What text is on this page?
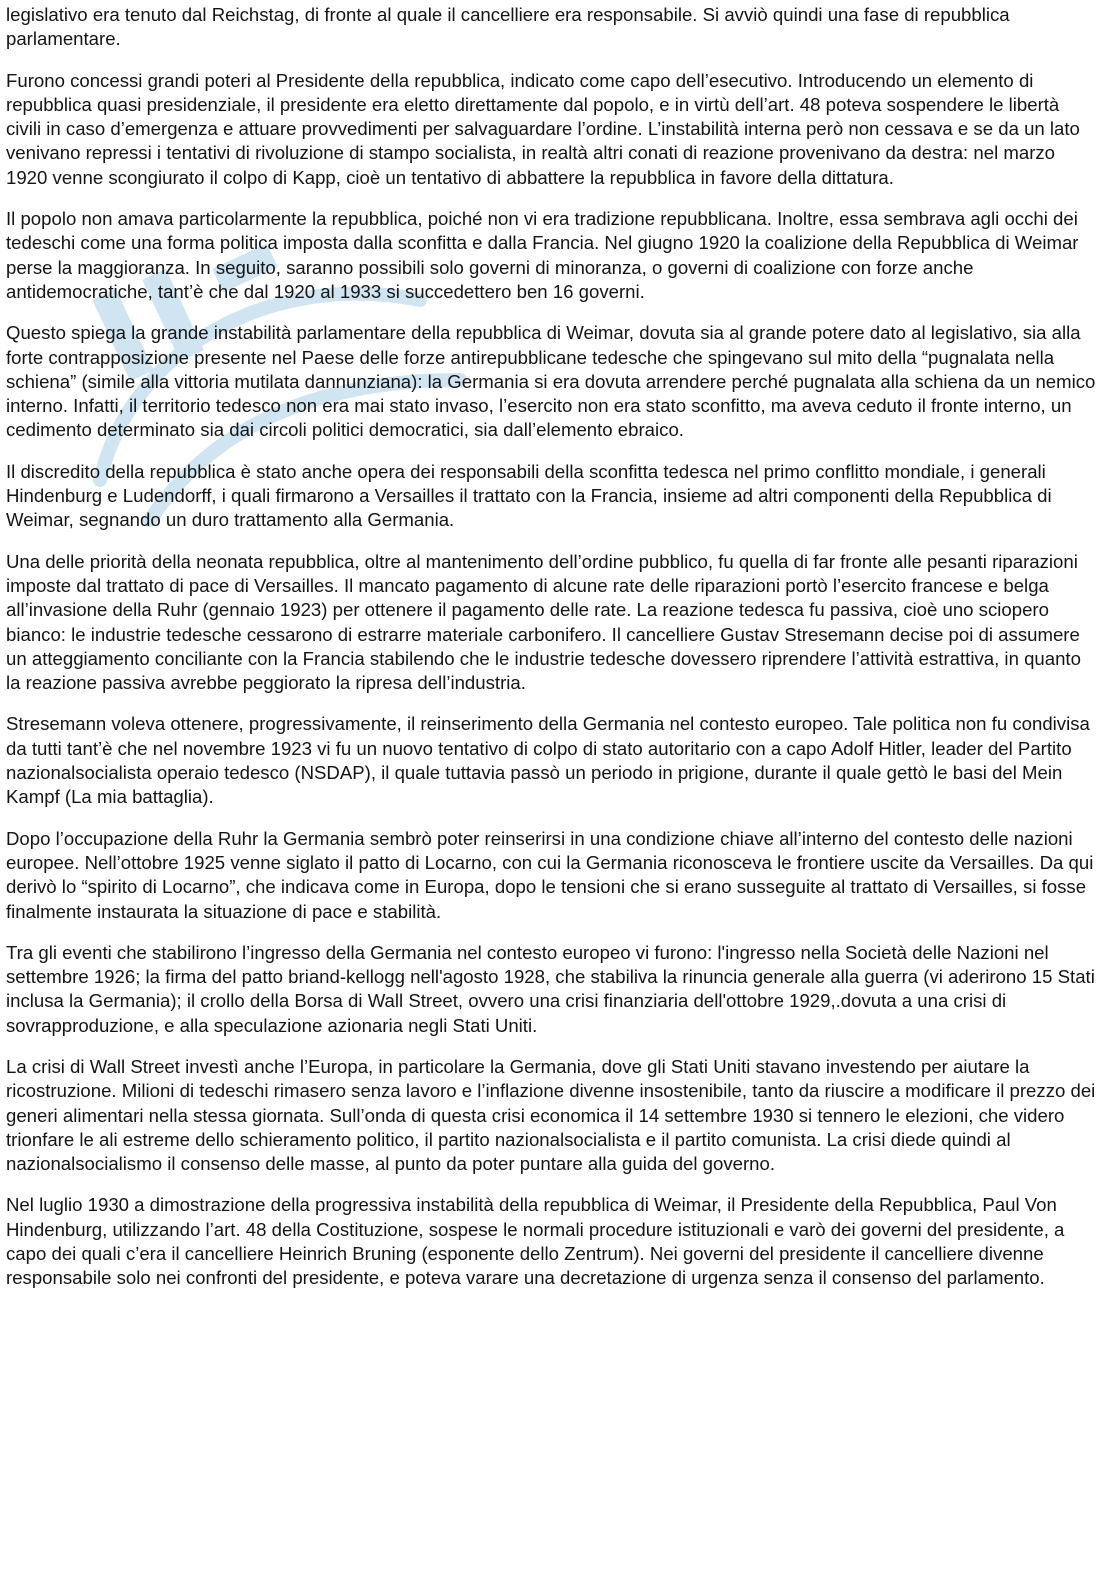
legislativo era tenuto dal Reichstag, di fronte al quale il cancelliere era responsabile. Si avviò quindi una fase di repubblica parlamentare.

Furono concessi grandi poteri al Presidente della repubblica, indicato come capo dell’esecutivo. Introducendo un elemento di repubblica quasi presidenziale, il presidente era eletto direttamente dal popolo, e in virtù dell’art. 48 poteva sospendere le libertà civili in caso d’emergenza e attuare provvedimenti per salvaguardare l’ordine. L’instabilità interna però non cessava e se da un lato venivano repressi i tentativi di rivoluzione di stampo socialista, in realtà altri conati di reazione provenivano da destra: nel marzo 1920 venne scongiurato il colpo di Kapp, cioè un tentativo di abbattere la repubblica in favore della dittatura.

Il popolo non amava particolarmente la repubblica, poiché non vi era tradizione repubblicana. Inoltre, essa sembrava agli occhi dei tedeschi come una forma politica imposta dalla sconfitta e dalla Francia. Nel giugno 1920 la coalizione della Repubblica di Weimar perse la maggioranza. In seguito, saranno possibili solo governi di minoranza, o governi di coalizione con forze anche antidemocratiche, tant’è che dal 1920 al 1933 si succedettero ben 16 governi.

Questo spiega la grande instabilità parlamentare della repubblica di Weimar, dovuta sia al grande potere dato al legislativo, sia alla forte contrapposizione presente nel Paese delle forze antirepubblicane tedesche che spingevano sul mito della “pugnalata nella schiena” (simile alla vittoria mutilata dannunziana): la Germania si era dovuta arrendere perché pugnalata alla schiena da un nemico interno. Infatti, il territorio tedesco non era mai stato invaso, l’esercito non era stato sconfitto, ma aveva ceduto il fronte interno, un cedimento determinato sia dai circoli politici democratici, sia dall’elemento ebraico.

Il discredito della repubblica è stato anche opera dei responsabili della sconfitta tedesca nel primo conflitto mondiale, i generali Hindenburg e Ludendorff, i quali firmarono a Versailles il trattato con la Francia, insieme ad altri componenti della Repubblica di Weimar, segnando un duro trattamento alla Germania.

Una delle priorità della neonata repubblica, oltre al mantenimento dell’ordine pubblico, fu quella di far fronte alle pesanti riparazioni imposte dal trattato di pace di Versailles. Il mancato pagamento di alcune rate delle riparazioni portò l’esercito francese e belga all’invasione della Ruhr (gennaio 1923) per ottenere il pagamento delle rate. La reazione tedesca fu passiva, cioè uno sciopero bianco: le industrie tedesche cessarono di estrarre materiale carbonifero. Il cancelliere Gustav Stresemann decise poi di assumere un atteggiamento conciliante con la Francia stabilendo che le industrie tedesche dovessero riprendere l’attività estrattiva, in quanto la reazione passiva avrebbe peggiorato la ripresa dell’industria.

Stresemann voleva ottenere, progressivamente, il reinserimento della Germania nel contesto europeo. Tale politica non fu condivisa da tutti tant’è che nel novembre 1923 vi fu un nuovo tentativo di colpo di stato autoritario con a capo Adolf Hitler, leader del Partito nazionalsocialista operaio tedesco (NSDAP), il quale tuttavia passò un periodo in prigione, durante il quale gettò le basi del Mein Kampf (La mia battaglia).

Dopo l’occupazione della Ruhr la Germania sembrò poter reinserirsi in una condizione chiave all’interno del contesto delle nazioni europee. Nell’ottobre 1925 venne siglato il patto di Locarno, con cui la Germania riconosceva le frontiere uscite da Versailles. Da qui derivò lo “spirito di Locarno”, che indicava come in Europa, dopo le tensioni che si erano susseguite al trattato di Versailles, si fosse finalmente instaurata la situazione di pace e stabilità.

Tra gli eventi che stabilirono l’ingresso della Germania nel contesto europeo vi furono: l'ingresso nella Società delle Nazioni nel settembre 1926; la firma del patto briand-kellogg nell'agosto 1928, che stabiliva la rinuncia generale alla guerra (vi aderirono 15 Stati inclusa la Germania); il crollo della Borsa di Wall Street, ovvero una crisi finanziaria dell'ottobre 1929,.dovuta a una crisi di sovrapproduzione, e alla speculazione azionaria negli Stati Uniti.

La crisi di Wall Street investì anche l’Europa, in particolare la Germania, dove gli Stati Uniti stavano investendo per aiutare la ricostruzione. Milioni di tedeschi rimasero senza lavoro e l’inflazione divenne insostenibile, tanto da riuscire a modificare il prezzo dei generi alimentari nella stessa giornata. Sull’onda di questa crisi economica il 14 settembre 1930 si tennero le elezioni, che videro trionfare le ali estreme dello schieramento politico, il partito nazionalsocialista e il partito comunista. La crisi diede quindi al nazionalsocialismo il consenso delle masse, al punto da poter puntare alla guida del governo.

Nel luglio 1930 a dimostrazione della progressiva instabilità della repubblica di Weimar, il Presidente della Repubblica, Paul Von Hindenburg, utilizzando l’art. 48 della Costituzione, sospese le normali procedure istituzionali e varò dei governi del presidente, a capo dei quali c’era il cancelliere Heinrich Bruning (esponente dello Zentrum). Nei governi del presidente il cancelliere divenne responsabile solo nei confronti del presidente, e poteva varare una decretazione di urgenza senza il consenso del parlamento.
